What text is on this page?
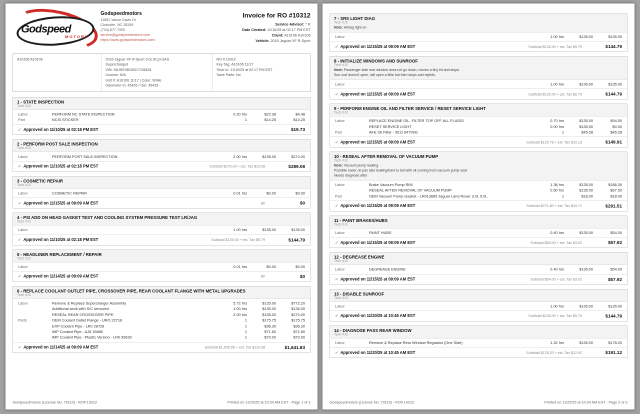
Godspeed
MOTORS
Godspeedmotors
11881 Vance Davis Dr
Charlotte, NC 28269
(704) 877-7900
service@godspeedmotors.com
https://www.godspeedmotors.com/
Invoice for RO #10312
Service Advisor: * R
Date Created: 11/10/25 at 02:17 PM EST
Client: A10106 A10106
Vehicle: 2016 Jaguar XF R-Sport
A10106 A10106	2016 Jaguar XF R-Sport 3.0L 6Cyl GAS
Supercharged
VIN: SAJBF4BV8GCY26528
License: N/A
Unit #: A10106 11/17 | Color: White
Odometer In: 45426 / Out: 45426
RO # 10312
Key Tag: A10106 11/17
Time In: 11/10/25 at 02:17 PM EST
Save Parts: No
1 - STATE INSPECTION
Tech #JC
Labor	PERFORM NC STATE INSPECTION	0.20 hrs	$22.38	$4.48
Part	NCSI STICKER	1	$14.25	$14.25
✓ Approved on 11/10/25 at 02:18 PM EST	$19.73
2 - PERFORM POST SALE INSPECTION
Tech #JC
Labor	PERFORM POST SALE INSPECTION	2.00 hrs	$135.00	$270.00
✓ Approved on 11/10/25 at 02:18 PM EST	Subtotal $270.00 + est. Tax $19.08	$289.08
3 - COSMETIC REPAIR
Tech #JC
Labor	COSMETIC REPAIR	0.01 hrs	$0.00	$0.00
✓ Approved on 11/15/25 at 09:09 AM EST	$0	$0
4 - PSI ADD ON HEAD GASKET TEST AND COOLING SYSTEM PRESSURE TEST LR/JAG
Tech #JC
Labor	1.00 hrs	$135.00	$135.00
✓ Approved on 11/10/25 at 02:18 PM EST	Subtotal $135.00 + est. Tax $9.79	$144.79
5 - HEADLINER REPLACEMENT / REPAIR
Tech #JC
Labor	0.01 hrs	$0.00	$0.00
✓ Approved on 11/14/25 at 09:09 AM EST	$0	$0
6 - REPLACE COOLANT OUTLET PIPE, CROSSOVER PIPE, REAR COOLANT FLANGE WITH METAL UPGRADES
Tech #JC
Labor	Remove & Replace Supercharger Assembly	5.72 hrs	$135.00	$772.20
Additional work with S/C removed	1.00 hrs	$135.00	$135.00
RESEAL REAR CROSSOVER PIPE	2.00 hrs	$135.00	$270.00
Parts	OEM Coolant Outlet Flange - URO 22718	1	$175.75	$175.75
EXP Coolant Pipe - LR0 28726	1	$36.30	$36.30
IMP Coolant Pipe - AJ8 15665	1	$71.60	$71.60
IMP Coolant Pipe - Plastic Version - LR0 99630	1	$70.00	$70.00
✓ Approved on 11/14/25 at 09:09 AM EST	Subtotal $1,530.85 + est. Tax $110.98	$1,641.83
Godspeedmotors (License No: 70110) - RO# 10312	Printed on 11/25/25 at 10:34 AM EST - Page 1 of 3
7 - SRS LIGHT DIAG
Tech #JC
Note: Airbag light on
Labor	1.00 hrs	$135.00	$135.00
✓ Approved on 11/15/25 at 09:09 AM EST	Subtotal $135.00 + est. Tax $9.79	$144.79
8 - INITIALIZE WINDOWS AND SUNROOF
Tech #JC
Note: Passenger side rear window does not go down, moves a tiny bit and stops.
Sun roof doesn't open, will open a little but then stops and rejects.
Labor	1.00 hrs	$135.00	$135.00
✓ Approved on 11/15/25 at 09:09 AM EST	Subtotal $135.00 + est. Tax $9.79	$144.79
9 - PERFORM ENGINE OIL AND FILTER SERVICE / RESET SERVICE LIGHT
Tech #JC
Labor	REPLACE ENGINE OIL, FILTER TOP OFF ALL FLUIDS	0.70 hrs	$135.00	$94.50
RESET SERVICE LIGHT	0.00 hrs	$135.00	$0.00
Part	AFE Oil Filter - 5011 64799G	1	$45.28	$45.28
✓ Approved on 11/15/25 at 09:09 AM EST	Subtotal $139.78 + est. Tax $10.13	$149.91
10 - RESEAL AFTER REMOVAL OF VACUUM PUMP
Tech #JC
Note: Vacuum pump leaking
Possible lower oil pan also leaking/hard to tell with oil coming from vacuum pump seal
Needs diagnose after
Labor	Brake Vacuum Pump RMI	1.38 hrs	$135.00	$186.30
RESEAL AFTER REMOVAL OF VACUUM PUMP	0.50 hrs	$135.00	$67.50
Part	OEM Vacuum Pump Gasket - LR013685 Jaguar Land Rover 3.0L 5.0L	1	$18.00	$18.00
✓ Approved on 11/15/25 at 09:09 AM EST	Subtotal $271.80 + est. Tax $19.71	$291.51
11 - PAINT BRAKES/HUBS
Tech #JC
Labor	PAINT HUBS	0.40 hrs	$135.00	$54.00
✓ Approved on 11/15/25 at 09:09 AM EST	Subtotal $54.00 + est. Tax $3.92	$57.92
12 - DEGREASE ENGINE
Tech #JC
Labor	DEGREASE ENGINE	0.40 hrs	$135.00	$54.00
✓ Approved on 11/15/25 at 09:09 AM EST	Subtotal $54.00 + est. Tax $3.92	$57.92
13 - DISABLE SUNROOF
Tech #JC
Labor	1.00 hrs	$135.00	$135.00
✓ Approved on 11/20/25 at 10:45 AM EST	Subtotal $135.00 + est. Tax $9.79	$144.79
14 - DIAGNOSE PASS REAR WINDOW
Tech #JC
Labor	Remove & Replace Rear Window Regulator (One Side)	1.32 hrs	$135.00	$178.20
✓ Approved on 11/20/25 at 10:45 AM EST	Subtotal $178.20 + est. Tax $12.92	$191.12
Godspeedmotors (License No: 70110) - RO# 10312	Printed on 11/25/25 at 10:34 AM EST - Page 2 of 3
